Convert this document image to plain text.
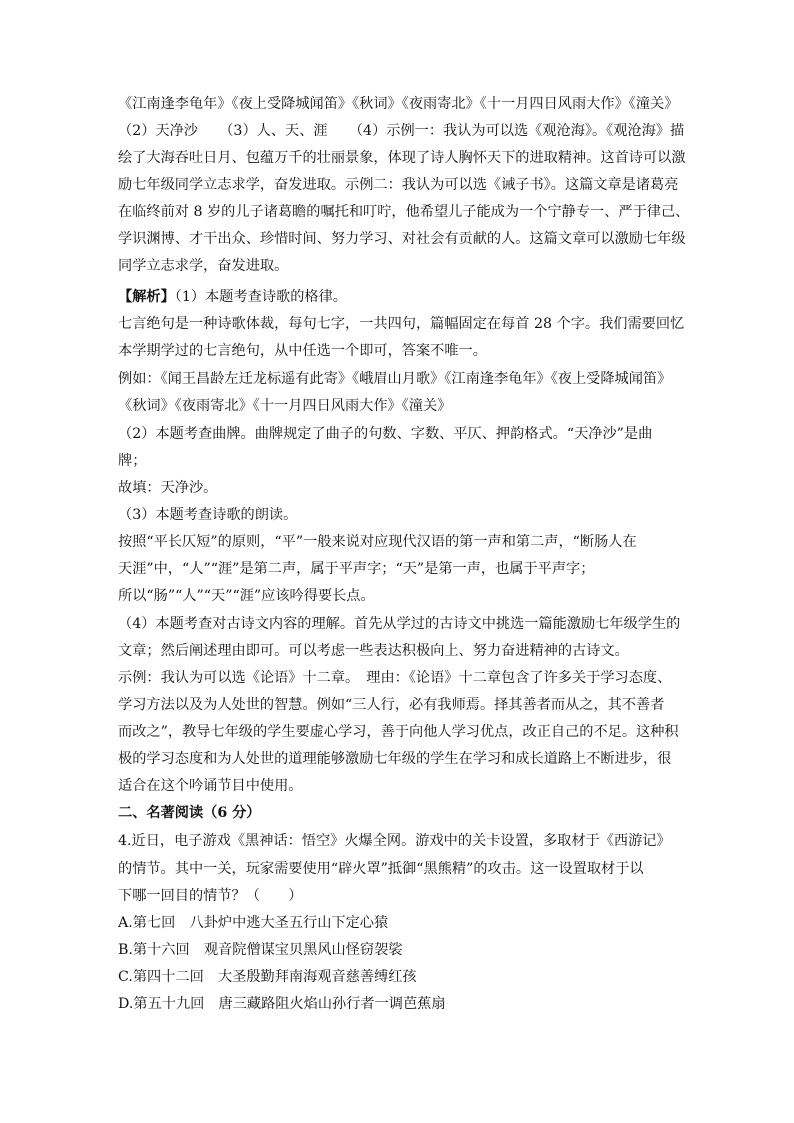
《江南逢李龟年》《夜上受降城闻笛》《秋词》《夜雨寄北》《十一月四日风雨大作》《潼关》
（2）天净沙　　（3）人、天、涯　　（4）示例一：我认为可以选《观沧海》。《观沧海》描
绘了大海吞吐日月、包蕴万千的壮丽景象，体现了诗人胸怀天下的进取精神。这首诗可以激
励七年级同学立志求学，奋发进取。示例二：我认为可以选《诫子书》。这篇文章是诸葛亮
在临终前对 8 岁的儿子诸葛瞻的嘱托和叮咛，他希望儿子能成为一个宁静专一、严于律己、
学识渊博、才干出众、珍惜时间、努力学习、对社会有贡献的人。这篇文章可以激励七年级
同学立志求学，奋发进取。
【解析】（1）本题考查诗歌的格律。
七言绝句是一种诗歌体裁，每句七字，一共四句，篇幅固定在每首 28 个字。我们需要回忆
本学期学过的七言绝句，从中任选一个即可，答案不唯一。
例如：《闻王昌龄左迁龙标遥有此寄》《峨眉山月歌》《江南逢李龟年》《夜上受降城闻笛》
《秋词》《夜雨寄北》《十一月四日风雨大作》《潼关》
（2）本题考查曲牌。曲牌规定了曲子的句数、字数、平仄、押韵格式。“天净沙”是曲
牌；
故填：天净沙。
（3）本题考查诗歌的朗读。
按照“平长仄短”的原则，“平”一般来说对应现代汉语的第一声和第二声，“断肠人在
天涯”中，“人”“涯”是第二声，属于平声字；“天”是第一声，也属于平声字；
所以“肠”“人”“天”“涯”应该吟得要长点。
（4）本题考查对古诗文内容的理解。首先从学过的古诗文中挑选一篇能激励七年级学生的
文章；然后阐述理由即可。可以考虑一些表达积极向上、努力奋进精神的古诗文。
示例：我认为可以选《论语》十二章。　理由：《论语》十二章包含了许多关于学习态度、
学习方法以及为人处世的智慧。例如“三人行，必有我师焉。择其善者而从之，其不善者
而改之”，教导七年级的学生要虚心学习，善于向他人学习优点，改正自己的不足。这种积
极的学习态度和为人处世的道理能够激励七年级的学生在学习和成长道路上不断进步，很
适合在这个吟诵节目中使用。
二、名著阅读（6 分）
4.近日，电子游戏《黑神话：悟空》火爆全网。游戏中的关卡设置，多取材于《西游记》
的情节。其中一关，玩家需要使用“辟火罩”抵御“黑熊精”的攻击。这一设置取材于以
下哪一回目的情节？（　　）
A.第七回　八卦炉中逃大圣五行山下定心猿
B.第十六回　观音院僧谋宝贝黑风山怪窃袈裟
C.第四十二回　大圣殷勤拜南海观音慈善缚红孩
D.第五十九回　唐三藏路阻火焰山孙行者一调芭蕉扇
